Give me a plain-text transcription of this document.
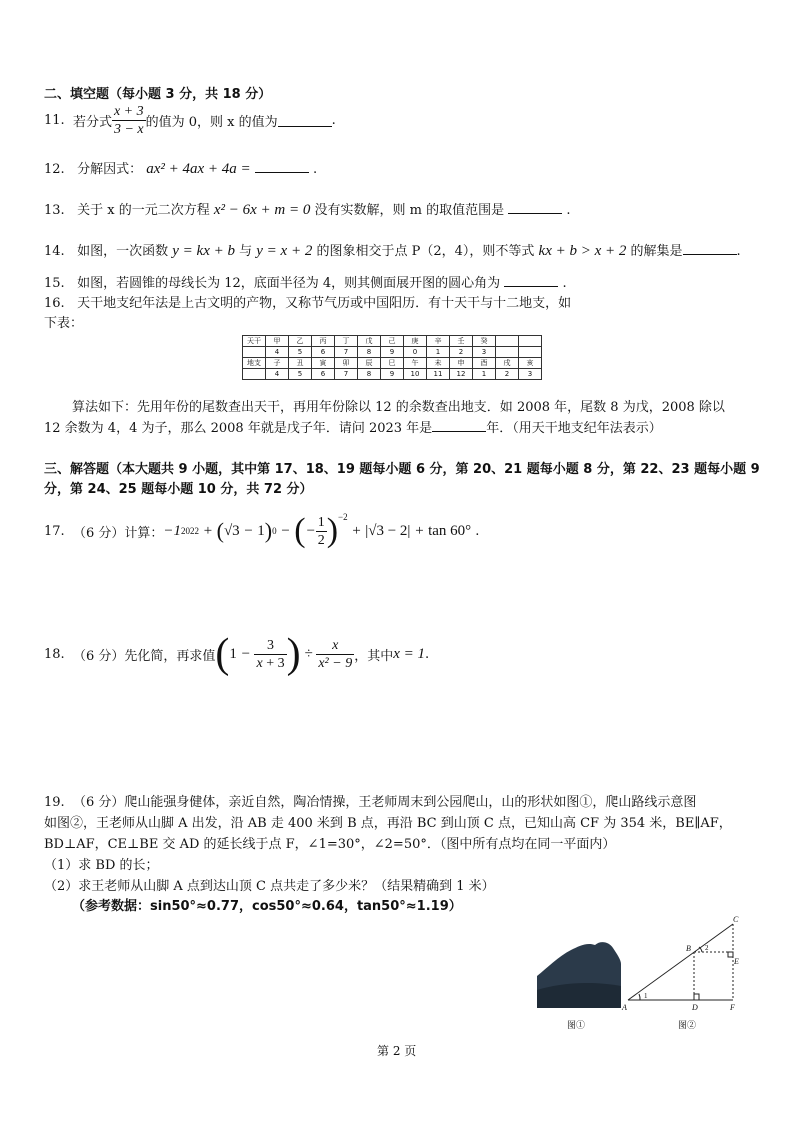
二、填空题（每小题 3 分，共 18 分）
11.
若分式 $\frac{x + 3}{3 - x}$ 的值为 0，则 x 的值为	.
12. 分解因式： ax² + 4ax + 4a =	.
13. 关于 x 的一元二次方程 x² − 6x + m = 0 没有实数解，则 m 的取值范围是	.
14. 如图，一次函数 y = kx + b 与 y = x + 2 的图象相交于点 P（2，4），则不等式 kx + b > x + 2 的解集是	.
15. 如图，若圆锥的母线长为 12，底面半径为 4，则其侧面展开图的圆心角为	.
16. 天干地支纪年法是上古文明的产物，又称节气历或中国阳历．有十天干与十二地支，如
下表：
天干	甲	乙	丙	丁	戊	己	庚	辛	壬	癸		
	4	5	6	7	8	9	0	1	2	3		
地支	子	丑	寅	卯	辰	巳	午	未	申	酉	戌	亥
	4	5	6	7	8	9	10	11	12	1	2	3
算法如下：先用年份的尾数查出天干，再用年份除以 12 的余数查出地支．如 2008 年，尾数 8 为戊，2008 除以
12 余数为 4，4 为子，那么 2008 年就是戊子年．请问 2023 年是	年．（用天干地支纪年法表示）
三、解答题（本大题共 9 小题，其中第 17、18、19 题每小题 6 分，第 20、21 题每小题 8 分，第 22、23 题每小题 9
分，第 24、25 题每小题 10 分，共 72 分）
17.
（6 分）计算： −1 2022 + ( √3 − 1 ) 0 − ( − $\frac{1}{2} )^{-2}$
+ |√3 − 2| + tan 60°
.
18.
（6 分）先化简，再求值 ( $1 - \frac{3}{x + 3}$ ) ÷ $\frac{x}{\text{x² − 9}}$ ，其中 x = 1 .
19. （6 分）爬山能强身健体，亲近自然，陶冶情操，王老师周末到公园爬山，山的形状如图①，爬山路线示意图
如图②，王老师从山脚 A 出发，沿 AB 走 400 米到 B 点，再沿 BC 到山顶 C 点，已知山高 CF 为 354 米，BE∥AF，
BD⊥AF，CE⊥BE 交 AD 的延长线于点 F，∠1=30°，∠2=50°．（图中所有点均在同一平面内）
（1）求 BD 的长；
（2）求王老师从山脚 A 点到达山顶 C 点共走了多少米？（结果精确到 1 米）
（参考数据：sin50°≈0.77，cos50°≈0.64，tan50°≈1.19）
图①
A
B
C
D
E
F
1
2
图②
第 2 页
